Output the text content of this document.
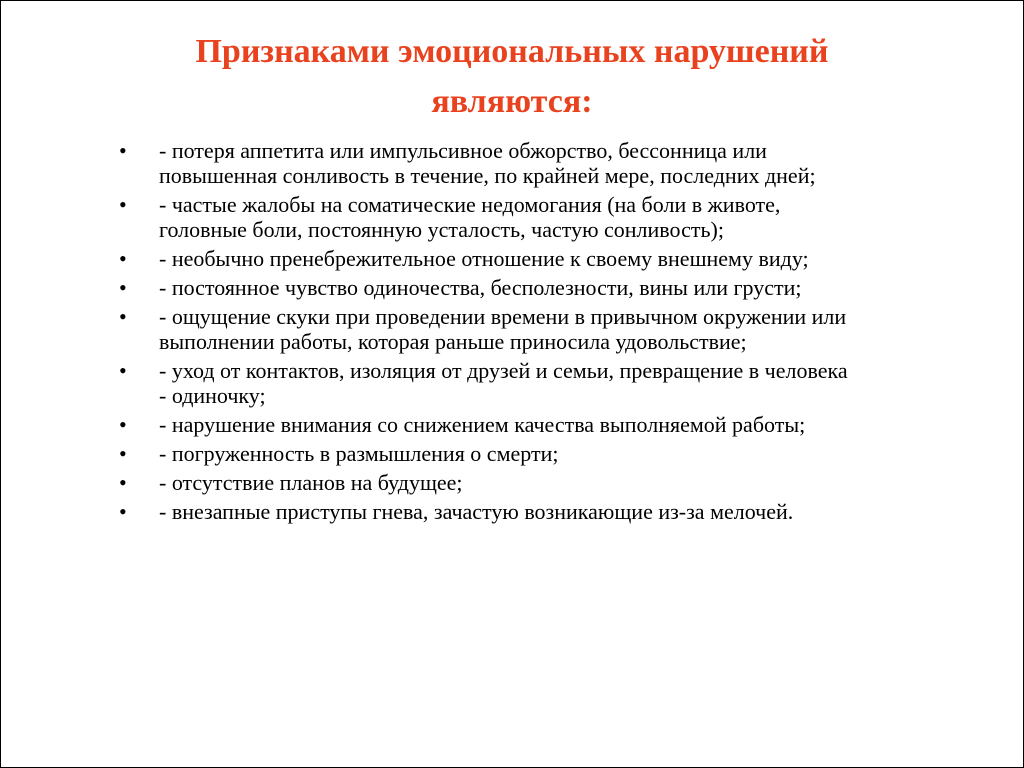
Признаками эмоциональных нарушений
являются:
• - потеря аппетита или импульсивное обжорство, бессонница или
повышенная сонливость в течение, по крайней мере, последних дней;
• - частые жалобы на соматические недомогания (на боли в животе,
головные боли, постоянную усталость, частую сонливость);
• - необычно пренебрежительное отношение к своему внешнему виду;
• - постоянное чувство одиночества, бесполезности, вины или грусти;
• - ощущение скуки при проведении времени в привычном окружении или
выполнении работы, которая раньше приносила удовольствие;
• - уход от контактов, изоляция от друзей и семьи, превращение в человека
- одиночку;
• - нарушение внимания со снижением качества выполняемой работы;
• - погруженность в размышления о смерти;
• - отсутствие планов на будущее;
• - внезапные приступы гнева, зачастую возникающие из-за мелочей.
